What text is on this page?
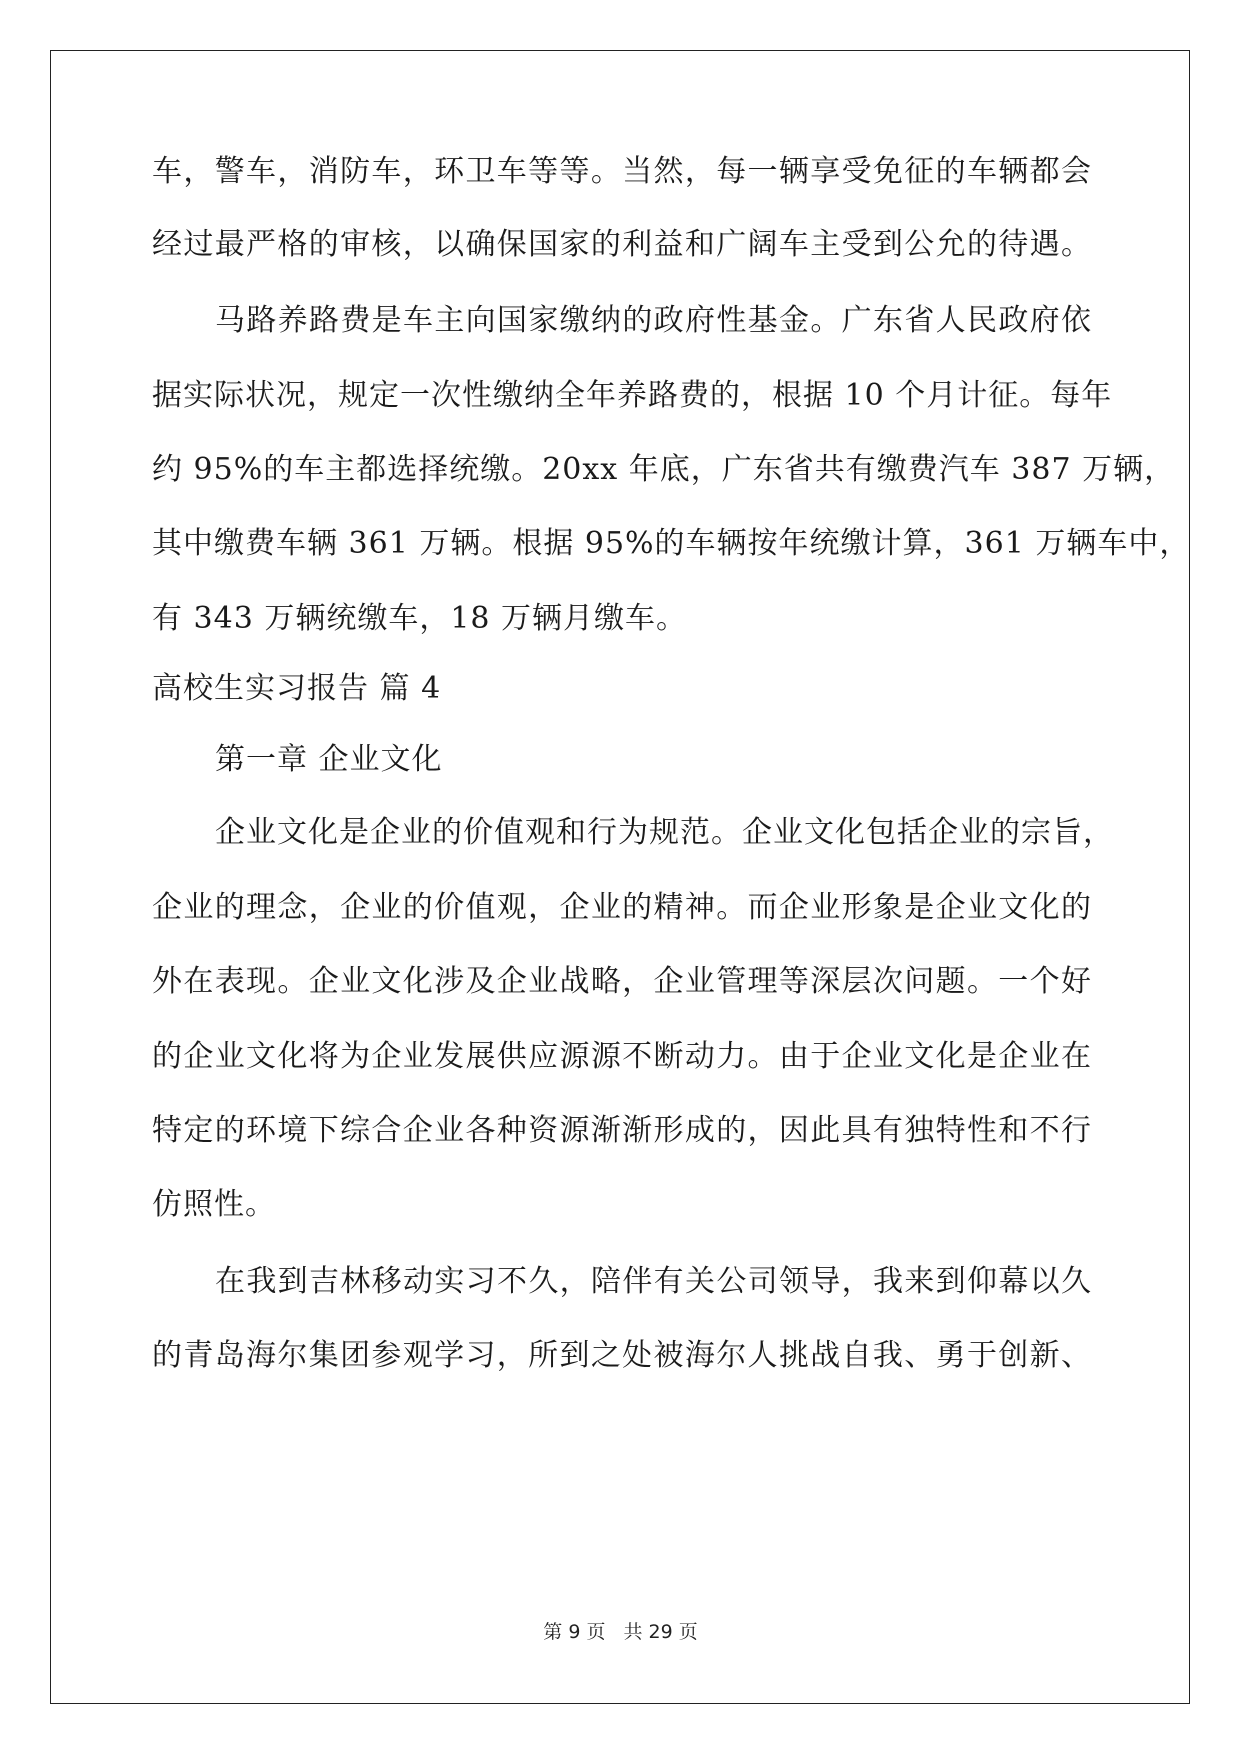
车，警车，消防车，环卫车等等。当然，每一辆享受免征的车辆都会
经过最严格的审核，以确保国家的利益和广阔车主受到公允的待遇。
马路养路费是车主向国家缴纳的政府性基金。广东省人民政府依
据实际状况，规定一次性缴纳全年养路费的，根据 10 个月计征。每年
约 95%的车主都选择统缴。20xx 年底，广东省共有缴费汽车 387 万辆，
其中缴费车辆 361 万辆。根据 95%的车辆按年统缴计算，361 万辆车中，
有 343 万辆统缴车，18 万辆月缴车。
高校生实习报告 篇 4
第一章 企业文化
企业文化是企业的价值观和行为规范。企业文化包括企业的宗旨，
企业的理念，企业的价值观，企业的精神。而企业形象是企业文化的
外在表现。企业文化涉及企业战略，企业管理等深层次问题。一个好
的企业文化将为企业发展供应源源不断动力。由于企业文化是企业在
特定的环境下综合企业各种资源渐渐形成的，因此具有独特性和不行
仿照性。
在我到吉林移动实习不久，陪伴有关公司领导，我来到仰幕以久
的青岛海尔集团参观学习，所到之处被海尔人挑战自我、勇于创新、
第 9 页 共 29 页
